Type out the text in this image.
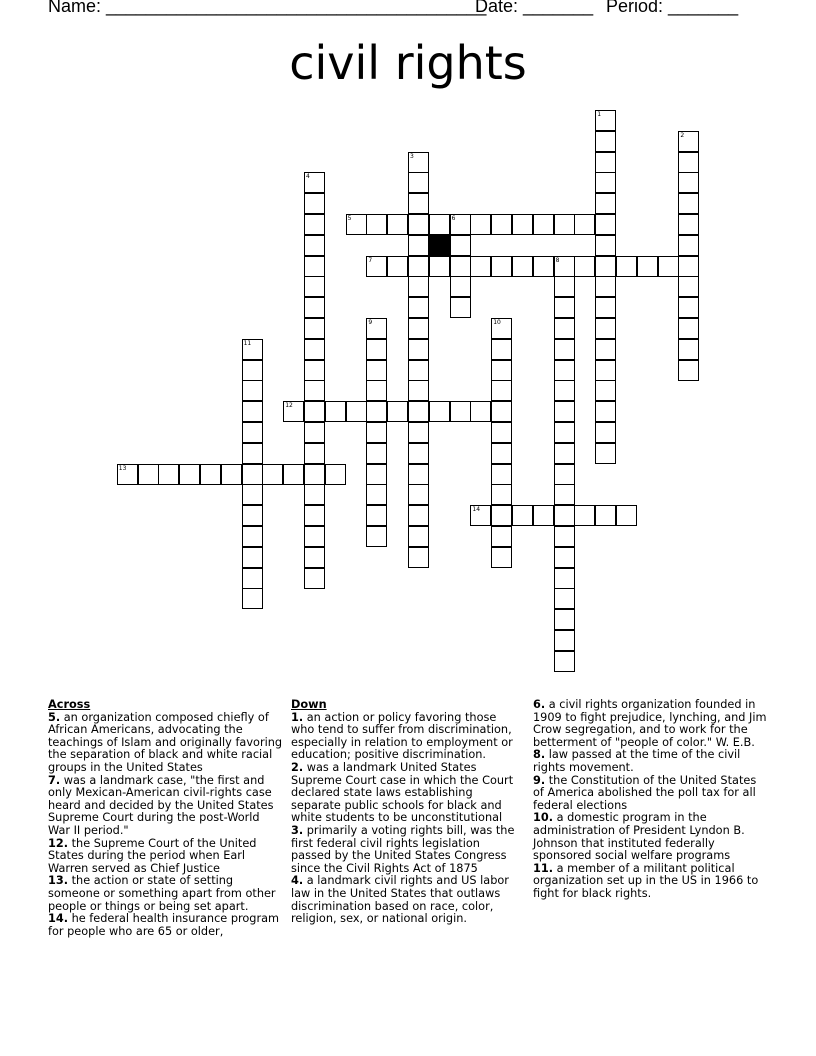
Name: ______________________________________
Date: _______ Period: _______
civil rights
1
2
3
4
5	6
7	8
9	10
11
12
13
14
Across
5. an organization composed chiefly of African Americans, advocating the teachings of Islam and originally favoring the separation of black and white racial groups in the United States
7. was a landmark case, "the first and only Mexican-American civil-rights case heard and decided by the United States Supreme Court during the post-World War II period."
12. the Supreme Court of the United States during the period when Earl Warren served as Chief Justice
13. the action or state of setting someone or something apart from other people or things or being set apart.
14. he federal health insurance program for people who are 65 or older,
Down
1. an action or policy favoring those who tend to suffer from discrimination, especially in relation to employment or education; positive discrimination.
2. was a landmark United States Supreme Court case in which the Court declared state laws establishing separate public schools for black and white students to be unconstitutional
3. primarily a voting rights bill, was the first federal civil rights legislation passed by the United States Congress since the Civil Rights Act of 1875
4. a landmark civil rights and US labor law in the United States that outlaws discrimination based on race, color, religion, sex, or national origin.
6. a civil rights organization founded in 1909 to fight prejudice, lynching, and Jim Crow segregation, and to work for the betterment of "people of color." W. E.B.
8. law passed at the time of the civil rights movement.
9. the Constitution of the United States of America abolished the poll tax for all federal elections
10. a domestic program in the administration of President Lyndon B. Johnson that instituted federally sponsored social welfare programs
11. a member of a militant political organization set up in the US in 1966 to fight for black rights.
